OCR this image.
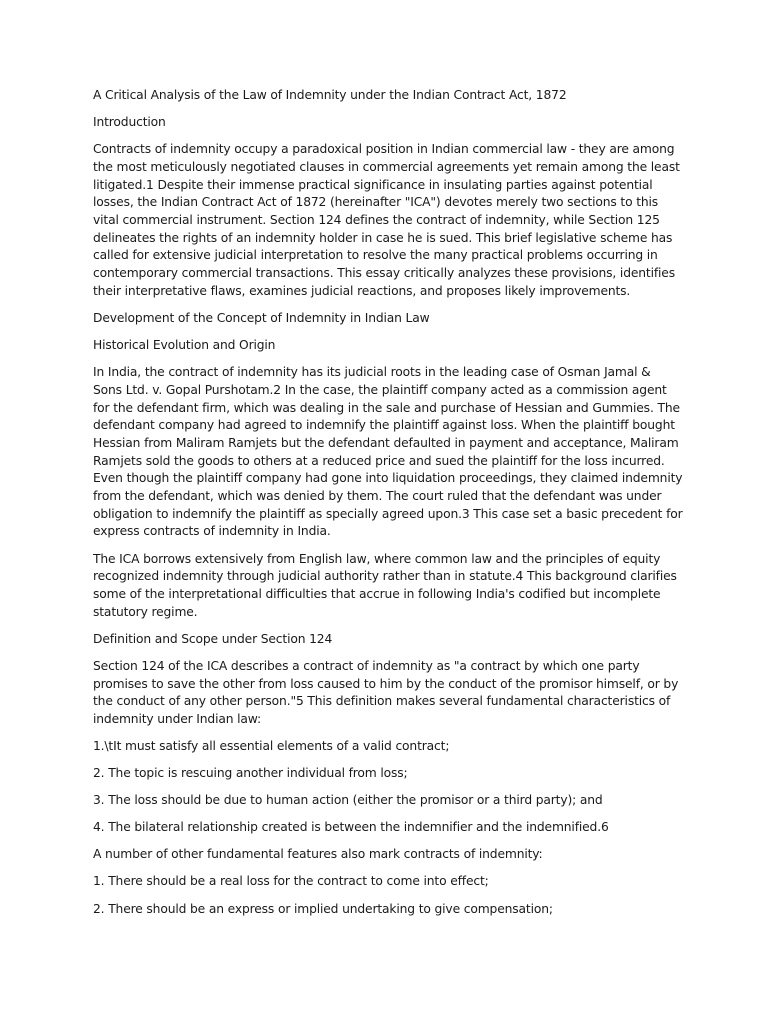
A Critical Analysis of the Law of Indemnity under the Indian Contract Act, 1872

Introduction

Contracts of indemnity occupy a paradoxical position in Indian commercial law - they are among the most meticulously negotiated clauses in commercial agreements yet remain among the least litigated.1 Despite their immense practical significance in insulating parties against potential losses, the Indian Contract Act of 1872 (hereinafter "ICA") devotes merely two sections to this vital commercial instrument. Section 124 defines the contract of indemnity, while Section 125 delineates the rights of an indemnity holder in case he is sued. This brief legislative scheme has called for extensive judicial interpretation to resolve the many practical problems occurring in contemporary commercial transactions. This essay critically analyzes these provisions, identifies their interpretative flaws, examines judicial reactions, and proposes likely improvements.

Development of the Concept of Indemnity in Indian Law

Historical Evolution and Origin

In India, the contract of indemnity has its judicial roots in the leading case of Osman Jamal & Sons Ltd. v. Gopal Purshotam.2 In the case, the plaintiff company acted as a commission agent for the defendant firm, which was dealing in the sale and purchase of Hessian and Gummies. The defendant company had agreed to indemnify the plaintiff against loss. When the plaintiff bought Hessian from Maliram Ramjets but the defendant defaulted in payment and acceptance, Maliram Ramjets sold the goods to others at a reduced price and sued the plaintiff for the loss incurred. Even though the plaintiff company had gone into liquidation proceedings, they claimed indemnity from the defendant, which was denied by them. The court ruled that the defendant was under obligation to indemnify the plaintiff as specially agreed upon.3 This case set a basic precedent for express contracts of indemnity in India.

The ICA borrows extensively from English law, where common law and the principles of equity recognized indemnity through judicial authority rather than in statute.4 This background clarifies some of the interpretational difficulties that accrue in following India's codified but incomplete statutory regime.

Definition and Scope under Section 124

Section 124 of the ICA describes a contract of indemnity as "a contract by which one party promises to save the other from loss caused to him by the conduct of the promisor himself, or by the conduct of any other person."5 This definition makes several fundamental characteristics of indemnity under Indian law:

1.\tIt must satisfy all essential elements of a valid contract;

2. The topic is rescuing another individual from loss;

3. The loss should be due to human action (either the promisor or a third party); and

4. The bilateral relationship created is between the indemnifier and the indemnified.6

A number of other fundamental features also mark contracts of indemnity:

1. There should be a real loss for the contract to come into effect;

2. There should be an express or implied undertaking to give compensation;
